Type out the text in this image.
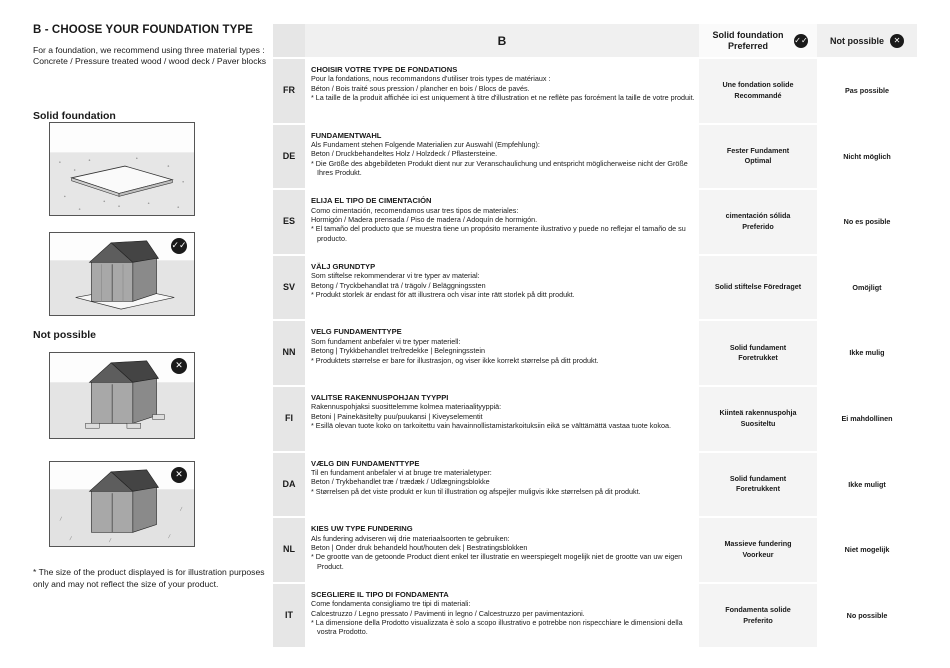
B - CHOOSE YOUR FOUNDATION TYPE
For a foundation, we recommend using three material types : Concrete / Pressure treated wood / wood deck / Paver blocks
Solid foundation
✓✓
Not possible
✕
✕
* The size of the product displayed is for illustration purposes only and may not reflect the size of your product.
B	Solid foundation Preferred
✓✓ Not possible	✕
FR
CHOISIR VOTRE TYPE DE FONDATIONS
Pour la fondations, nous recommandons d'utiliser trois types de matériaux :
Béton / Bois traité sous pression / plancher en bois / Blocs de pavés.
* La taille de la produit affichée ici est uniquement à titre d'illustration et ne reflète pas forcément la taille de votre produit.
Une fondation solide Recommandé
Pas possible
DE
FUNDAMENTWAHL
Als Fundament stehen Folgende Materialien zur Auswahl (Empfehlung):
Beton / Druckbehandeltes Holz / Holzdeck / Pflastersteine.
* Die Größe des abgebildeten Produkt dient nur zur Veranschaulichung und entspricht möglicherweise nicht der Größe Ihres Produkt.
Fester Fundament Optimal
Nicht möglich
ES
ELIJA EL TIPO DE CIMENTACIÓN
Como cimentación, recomendamos usar tres tipos de materiales:
Hormigón / Madera prensada / Piso de madera / Adoquín de hormigón.
* El tamaño del producto que se muestra tiene un propósito meramente ilustrativo y puede no reflejar el tamaño de su producto.
cimentación sólida Preferido
No es posible
SV
VÄLJ GRUNDTYP
Som stiftelse rekommenderar vi tre typer av material:
Betong / Tryckbehandlat trä / trägolv / Beläggningssten
* Produkt storlek är endast för att illustrera och visar inte rätt storlek på ditt produkt.
Solid stiftelse Föredraget	Omöjligt
NN
VELG FUNDAMENTTYPE
Som fundament anbefaler vi tre typer materiell:
Betong | Trykkbehandlet tre/tredekke | Belegningsstein
* Produktets størrelse er bare for illustrasjon, og viser ikke korrekt størrelse på ditt produkt.
Solid fundament Foretrukket
Ikke mulig
FI
VALITSE RAKENNUSPOHJAN TYYPPI
Rakennuspohjaksi suosittelemme kolmea materiaalityyppiä:
Betoni | Painekäsitelty puu/puukansi | Kiveyselementit
* Esillä olevan tuote koko on tarkoitettu vain havainnollistamistarkoituksiin eikä se välttämättä vastaa tuote kokoa.
Kiinteä rakennuspohja Suositeltu
Ei mahdollinen
DA
VÆLG DIN FUNDAMENTTYPE
Til en fundament anbefaler vi at bruge tre materialetyper:
Beton / Trykbehandlet træ / trædæk / Udlægningsblokke
* Størrelsen på det viste produkt er kun til illustration og afspejler muligvis ikke størrelsen på dit produkt.
Solid fundament Foretrukkent
Ikke muligt
NL
KIES UW TYPE FUNDERING
Als fundering adviseren wij drie materiaalsoorten te gebruiken:
Beton | Onder druk behandeld hout/houten dek | Bestratingsblokken
* De grootte van de getoonde Product dient enkel ter illustratie en weerspiegelt mogelijk niet de grootte van uw eigen Product.
Massieve fundering Voorkeur
Niet mogelijk
IT
SCEGLIERE IL TIPO DI FONDAMENTA
Come fondamenta consigliamo tre tipi di materiali:
Calcestruzzo / Legno pressato / Pavimenti in legno / Calcestruzzo per pavimentazioni.
* La dimensione della Prodotto visualizzata è solo a scopo illustrativo e potrebbe non rispecchiare le dimensioni della vostra Prodotto.
Fondamenta solide Preferito
No possible
